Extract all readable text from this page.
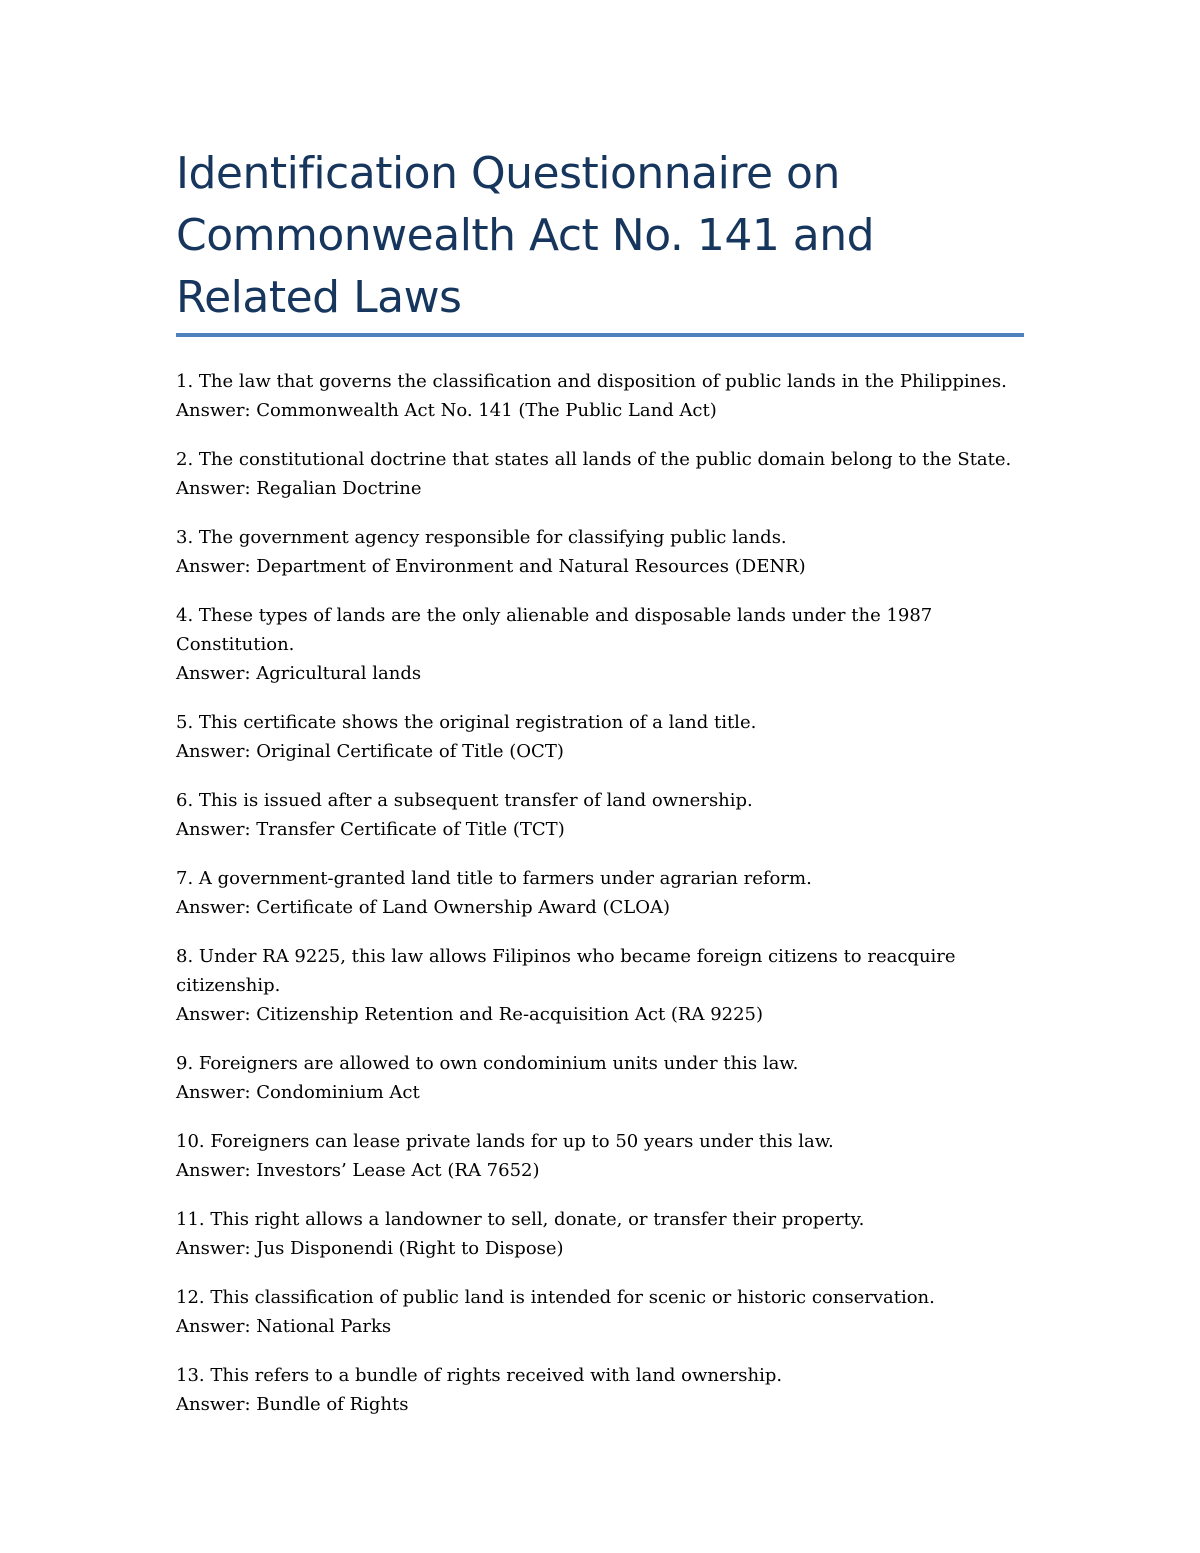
Identification Questionnaire on Commonwealth Act No. 141 and Related Laws

1. The law that governs the classification and disposition of public lands in the Philippines.

Answer: Commonwealth Act No. 141 (The Public Land Act)

2. The constitutional doctrine that states all lands of the public domain belong to the State.

Answer: Regalian Doctrine

3. The government agency responsible for classifying public lands.

Answer: Department of Environment and Natural Resources (DENR)

4. These types of lands are the only alienable and disposable lands under the 1987 Constitution.

Answer: Agricultural lands

5. This certificate shows the original registration of a land title.

Answer: Original Certificate of Title (OCT)

6. This is issued after a subsequent transfer of land ownership.

Answer: Transfer Certificate of Title (TCT)

7. A government-granted land title to farmers under agrarian reform.

Answer: Certificate of Land Ownership Award (CLOA)

8. Under RA 9225, this law allows Filipinos who became foreign citizens to reacquire citizenship.

Answer: Citizenship Retention and Re-acquisition Act (RA 9225)

9. Foreigners are allowed to own condominium units under this law.

Answer: Condominium Act

10. Foreigners can lease private lands for up to 50 years under this law.

Answer: Investors’ Lease Act (RA 7652)

11. This right allows a landowner to sell, donate, or transfer their property.

Answer: Jus Disponendi (Right to Dispose)

12. This classification of public land is intended for scenic or historic conservation.

Answer: National Parks

13. This refers to a bundle of rights received with land ownership.

Answer: Bundle of Rights
